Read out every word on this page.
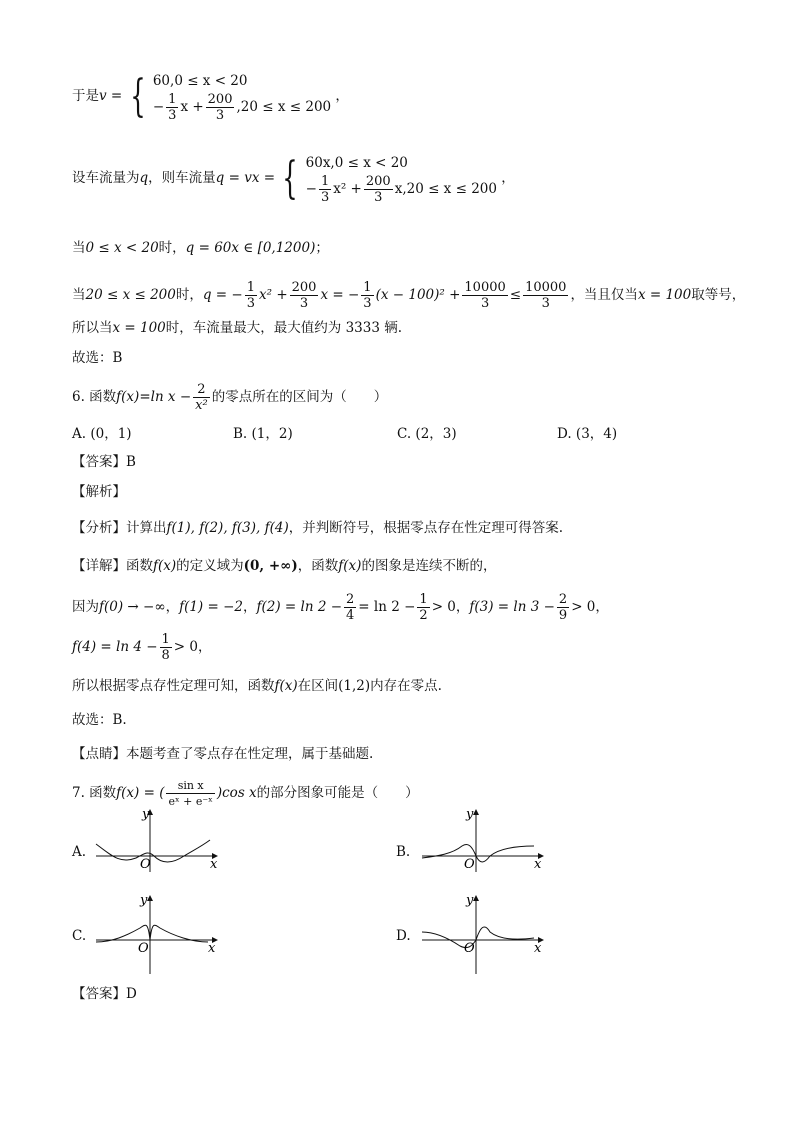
于是v = { 60,0 ≤ x < 20
− $\frac{1}{3}$ $x + \frac{200}{3} ,20 \le x \le 200$
，
设车流量为q，则车流量q = vx = { 60x,0 ≤ x < 20
− $\frac{1}{3} x^2 + \frac{200}{3} x,20 \le x \le 200$
，
当0 ≤ x < 20时，q = 60x ∈ [0,1200)；
当20 ≤ x ≤ 200时，q = − $\frac{1}{3} x^2 + \frac{200}{3}$ x = − $\frac{1}{3} (x - 100)^2 + \frac{10000}{3} \le \frac{10000}{3}$ ，当且仅当x = 100取等号，
所以当x = 100时，车流量最大，最大值约为 3333 辆.
故选：B
6. 函数f(x)=ln $x - \frac{2}{\text{x²}}$ 的零点所在的区间为（　　）
A. (0，1)	B. (1，2)	C. (2，3)	D. (3，4)
【答案】B
【解析】
【分析】计算出f(1), f(2), f(3), f(4)，并判断符号，根据零点存在性定理可得答案.
【详解】函数f(x)的定义域为(0, +∞)，函数f(x)的图象是连续不断的，
因为f(0) → −∞，f(1) = −2，$f(2) = \ln 2 - \frac{2}{4} = \ln 2 - \frac{1}{2} > 0$，$f(3) = \ln 3 - \frac{2}{9} > 0$，
$f(4) = \ln 4 - \frac{1}{8} > 0$，
所以根据零点存性定理可知，函数f(x)在区间(1,2)内存在零点.
故选：B.
【点睛】本题考查了零点存在性定理，属于基础题.
7. 函数f(x) = ( $\frac{\text{sin x}}{\text{eˣ + e⁻ˣ}} )\cos$ x的部分图象可能是（　　）
A.	B.
C.	D.
y
x
O
y
x
O
y
x
O
y
x
O
【答案】D
